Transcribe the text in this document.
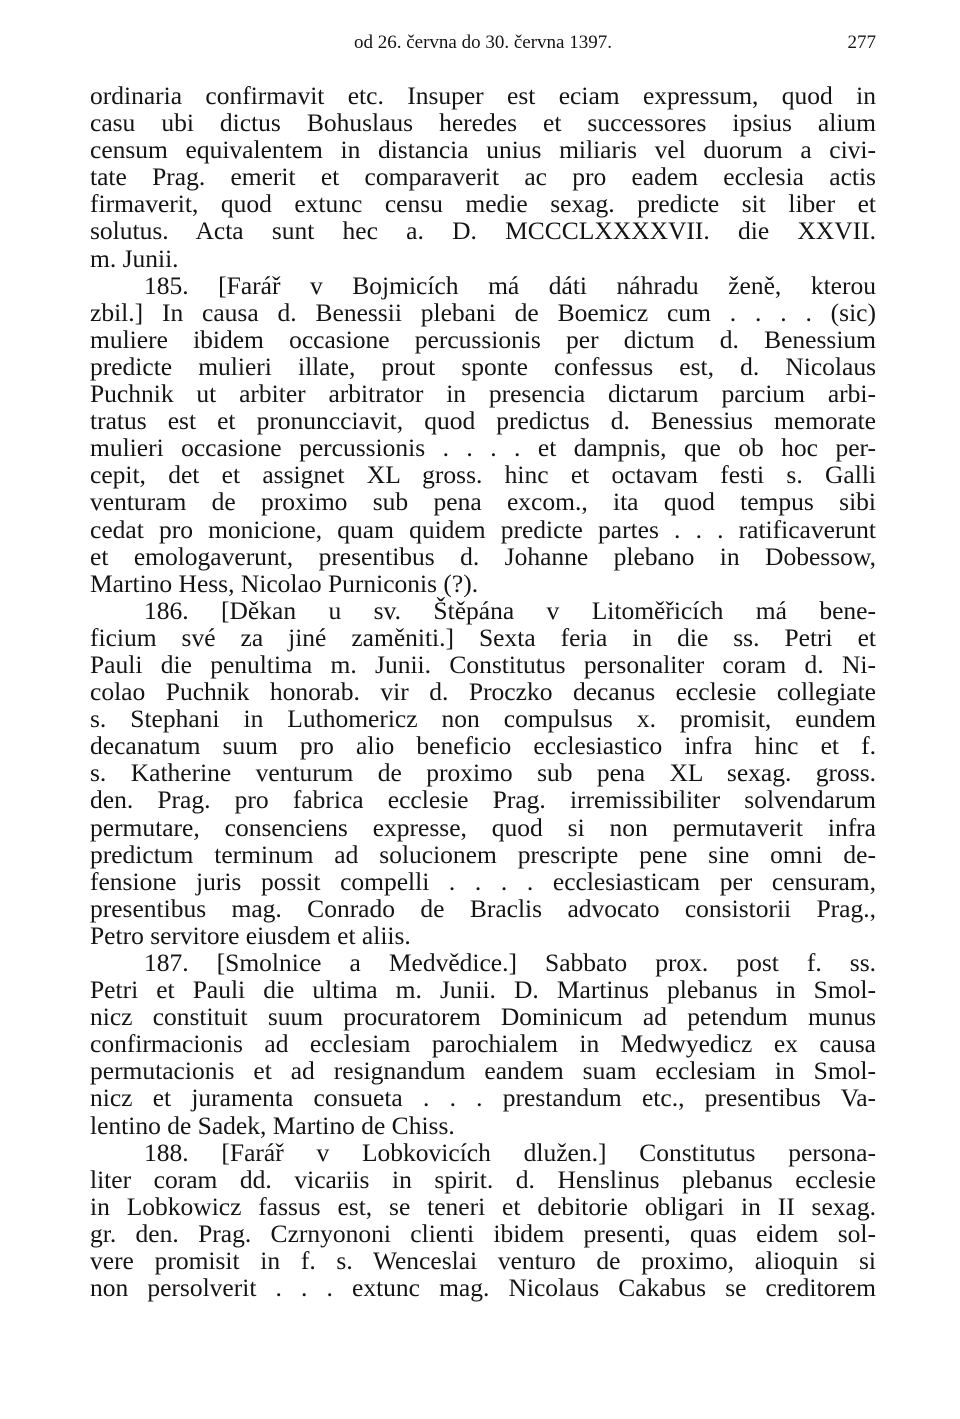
od 26. června do 30. června 1397.	277
ordinaria confirmavit etc. Insuper est eciam expressum, quod in
casu ubi dictus Bohuslaus heredes et successores ipsius alium
censum equivalentem in distancia unius miliaris vel duorum a civi-
tate Prag. emerit et comparaverit ac pro eadem ecclesia actis
firmaverit, quod extunc censu medie sexag. predicte sit liber et
solutus. Acta sunt hec a. D. MCCCLXXXXVII. die XXVII.
m. Junii.
185. [Farář v Bojmicích má dáti náhradu ženě, kterou
zbil.] In causa d. Benessii plebani de Boemicz cum . . . . (sic)
muliere ibidem occasione percussionis per dictum d. Benessium
predicte mulieri illate, prout sponte confessus est, d. Nicolaus
Puchnik ut arbiter arbitrator in presencia dictarum parcium arbi-
tratus est et pronuncciavit, quod predictus d. Benessius memorate
mulieri occasione percussionis . . . . et dampnis, que ob hoc per-
cepit, det et assignet XL gross. hinc et octavam festi s. Galli
venturam de proximo sub pena excom., ita quod tempus sibi
cedat pro monicione, quam quidem predicte partes . . . ratificaverunt
et emologaverunt, presentibus d. Johanne plebano in Dobessow,
Martino Hess, Nicolao Purniconis (?).
186. [Děkan u sv. Štěpána v Litoměřicích má bene-
ficium své za jiné zaměniti.] Sexta feria in die ss. Petri et
Pauli die penultima m. Junii. Constitutus personaliter coram d. Ni-
colao Puchnik honorab. vir d. Proczko decanus ecclesie collegiate
s. Stephani in Luthomericz non compulsus x. promisit, eundem
decanatum suum pro alio beneficio ecclesiastico infra hinc et f.
s. Katherine venturum de proximo sub pena XL sexag. gross.
den. Prag. pro fabrica ecclesie Prag. irremissibiliter solvendarum
permutare, consenciens expresse, quod si non permutaverit infra
predictum terminum ad solucionem prescripte pene sine omni de-
fensione juris possit compelli . . . . ecclesiasticam per censuram,
presentibus mag. Conrado de Braclis advocato consistorii Prag.,
Petro servitore eiusdem et aliis.
187. [Smolnice a Medvědice.] Sabbato prox. post f. ss.
Petri et Pauli die ultima m. Junii. D. Martinus plebanus in Smol-
nicz constituit suum procuratorem Dominicum ad petendum munus
confirmacionis ad ecclesiam parochialem in Medwyedicz ex causa
permutacionis et ad resignandum eandem suam ecclesiam in Smol-
nicz et juramenta consueta . . . prestandum etc., presentibus Va-
lentino de Sadek, Martino de Chiss.
188. [Farář v Lobkovicích dlužen.] Constitutus persona-
liter coram dd. vicariis in spirit. d. Henslinus plebanus ecclesie
in Lobkowicz fassus est, se teneri et debitorie obligari in II sexag.
gr. den. Prag. Czrnyononi clienti ibidem presenti, quas eidem sol-
vere promisit in f. s. Wenceslai venturo de proximo, alioquin si
non persolverit . . . extunc mag. Nicolaus Cakabus se creditorem
